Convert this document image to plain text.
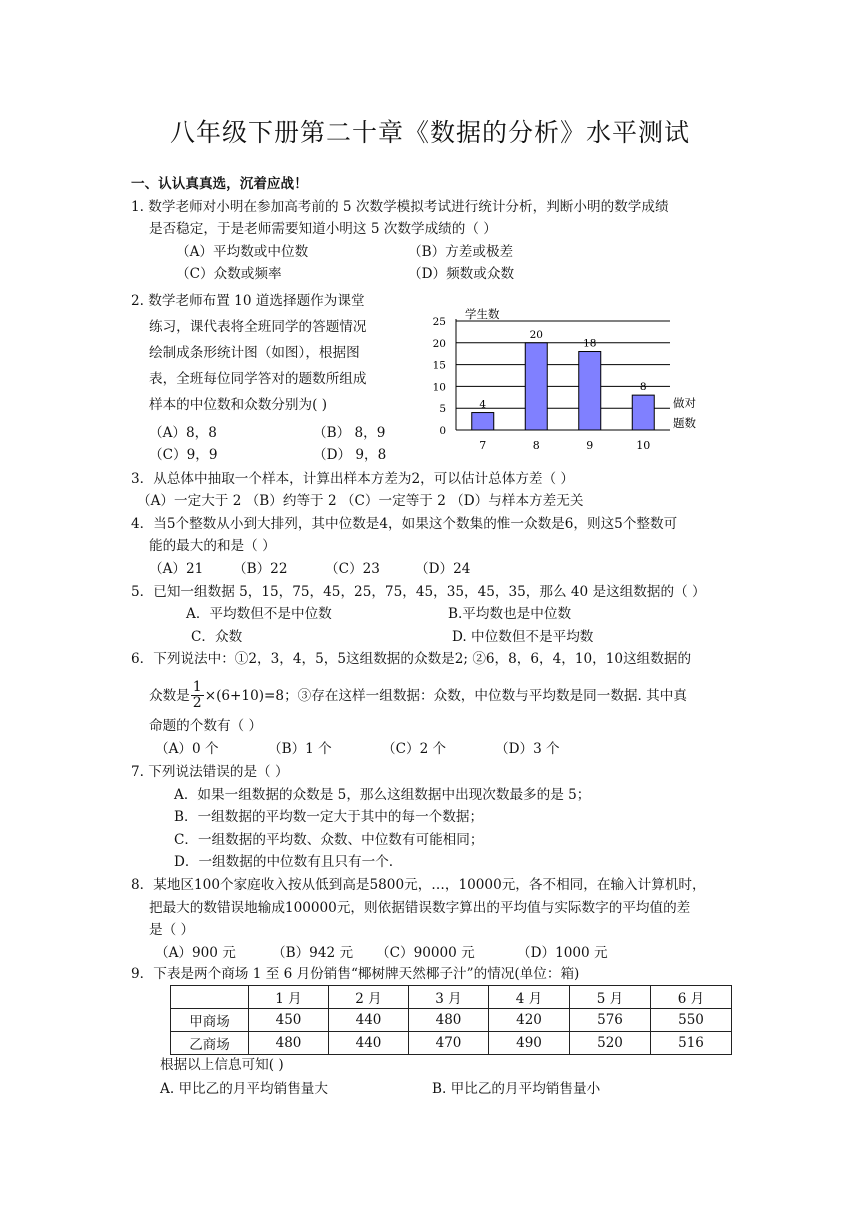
八年级下册第二十章《数据的分析》水平测试
一、认认真真选，沉着应战！
1. 数学老师对小明在参加高考前的 5 次数学模拟考试进行统计分析，判断小明的数学成绩
是否稳定，于是老师需要知道小明这 5 次数学成绩的（ ）
（A）平均数或中位数	（B）方差或极差
（C）众数或频率	（D）频数或众数
2. 数学老师布置 10 道选择题作为课堂
练习，课代表将全班同学的答题情况
绘制成条形统计图（如图），根据图
表，全班每位同学答对的题数所组成
样本的中位数和众数分别为( )
（A）8，8	（B） 8，9
（C）9，9	（D） 9，8
学生数
做对
题数
0
5
10
15
20
25
4
7
20
8
18
9
8
10
3．从总体中抽取一个样本，计算出样本方差为2，可以估计总体方差（ ）
（A）一定大于 2 （B）约等于 2 （C）一定等于 2 （D）与样本方差无关
4．当5个整数从小到大排列，其中位数是4，如果这个数集的惟一众数是6，则这5个整数可
能的最大的和是（ ）
（A）21 （B）22	（C）23	（D）24
5．已知一组数据 5，15，75，45，25，75，45，35，45，35，那么 40 是这组数据的（ ）
A．平均数但不是中位数	B.平均数也是中位数
C．众数	D. 中位数但不是平均数
6．下列说法中：①2，3，4，5，5这组数据的众数是2; ②6，8，6，4，10，10这组数据的
众数是 $\frac{1}{2} \times(6+10)=8$；③存在这样一组数据：众数，中位数与平均数是同一数据. 其中真
命题的个数有（ ）
（A）0 个	（B）1 个	（C）2 个	（D）3 个
7. 下列说法错误的是（ ）
A．如果一组数据的众数是 5，那么这组数据中出现次数最多的是 5；
B．一组数据的平均数一定大于其中的每一个数据；
C．一组数据的平均数、众数、中位数有可能相同；
D．一组数据的中位数有且只有一个.
8．某地区100个家庭收入按从低到高是5800元，…，10000元，各不相同，在输入计算机时，
把最大的数错误地输成100000元，则依据错误数字算出的平均值与实际数字的平均值的差
是（ ）
（A）900 元	（B）942 元 （C）90000 元	（D）1000 元
9．下表是两个商场 1 至 6 月份销售“椰树牌天然椰子汁”的情况(单位：箱)
	1 月	2 月	3 月	4 月	5 月	6 月
甲商场	450	440	480	420	576	550
乙商场	480	440	470	490	520	516
根据以上信息可知( )
A. 甲比乙的月平均销售量大	B. 甲比乙的月平均销售量小
